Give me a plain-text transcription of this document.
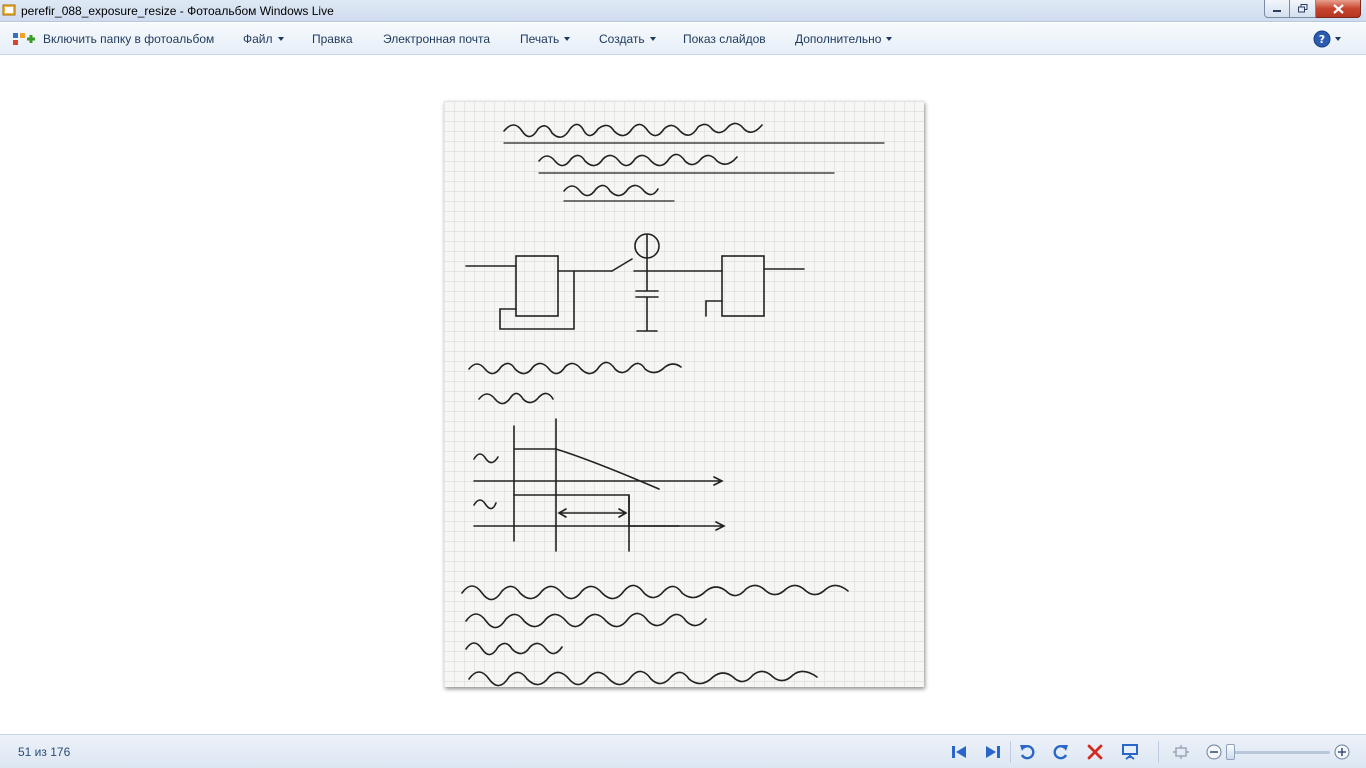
perefir_088_exposure_resize - Фотоальбом Windows Live
Включить папку в фотоальбом Файл	Правка	Электронная почта Печать	Создать	Показ слайдов Дополнительно	?
51 из 176
